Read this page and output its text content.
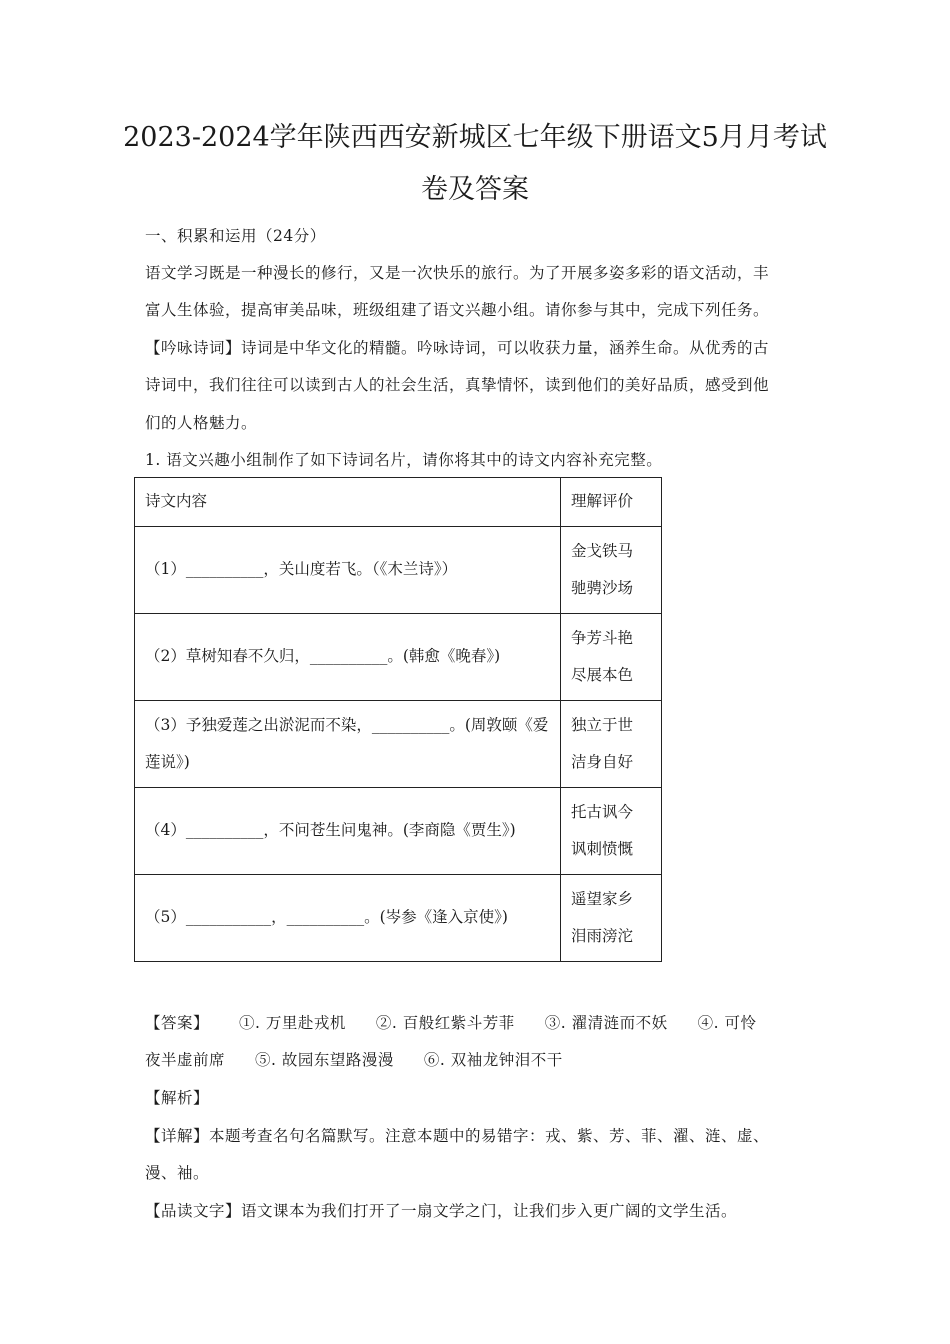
2023-2024学年陕西西安新城区七年级下册语文5月月考试
卷及答案
一、积累和运用（24分）
语文学习既是一种漫长的修行，又是一次快乐的旅行。为了开展多姿多彩的语文活动，丰
富人生体验，提高审美品味，班级组建了语文兴趣小组。请你参与其中，完成下列任务。
【吟咏诗词】诗词是中华文化的精髓。吟咏诗词，可以收获力量，涵养生命。从优秀的古
诗词中，我们往往可以读到古人的社会生活，真挚情怀，读到他们的美好品质，感受到他
们的人格魅力。
1. 语文兴趣小组制作了如下诗词名片，请你将其中的诗文内容补充完整。
诗文内容	理解评价
（1）__________，关山度若飞。（《木兰诗》）	金戈铁马
驰骋沙场
（2）草树知春不久归，__________。(韩愈《晚春》)	争芳斗艳
尽展本色
（3）予独爱莲之出淤泥而不染，__________。(周敦颐《爱莲说》)	独立于世
洁身自好
（4）__________，不问苍生问鬼神。(李商隐《贾生》)	托古讽今
讽刺愤慨
（5）___________，__________。(岑参《逢入京使》)	遥望家乡
泪雨滂沱
【答案】 ①. 万里赴戎机 ②. 百般红紫斗芳菲 ③. 濯清涟而不妖 ④. 可怜
夜半虚前席 ⑤. 故园东望路漫漫 ⑥. 双袖龙钟泪不干
【解析】
【详解】本题考查名句名篇默写。注意本题中的易错字：戎、紫、芳、菲、濯、涟、虚、
漫、袖。
【品读文字】语文课本为我们打开了一扇文学之门，让我们步入更广阔的文学生活。
